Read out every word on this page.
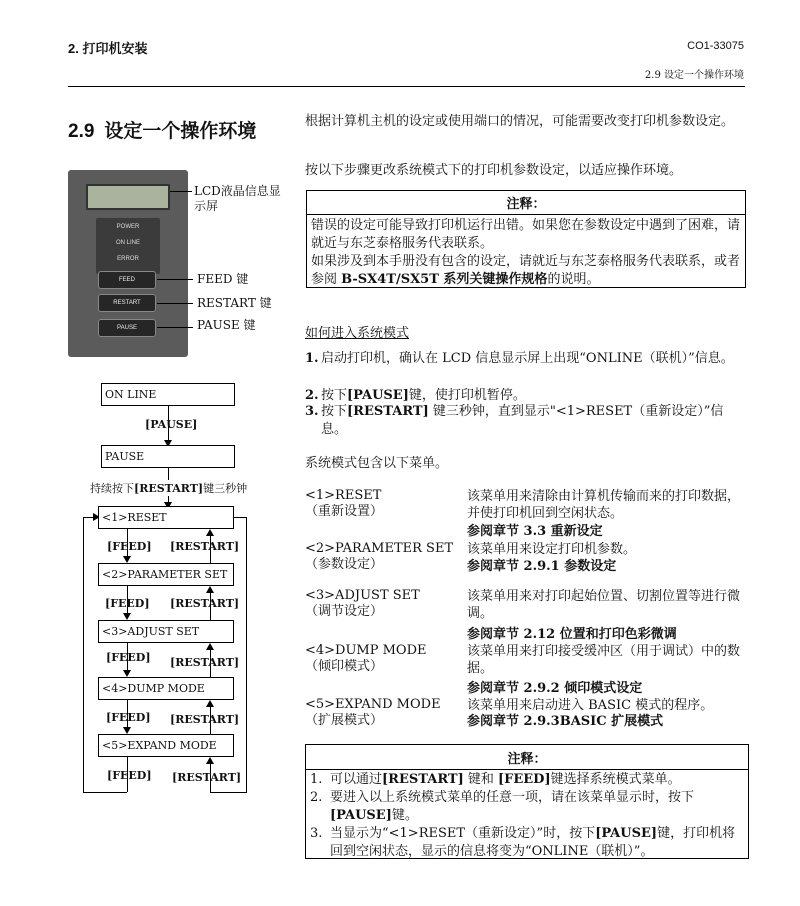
2. 打印机安装	CO1-33075
2.9 设定一个操作环境
2.9 设定一个操作环境	根据计算机主机的设定或使用端口的情况，可能需要改变打印机参数设定。
按以下步骤更改系统模式下的打印机参数设定，以适应操作环境。
注释：
错误的设定可能导致打印机运行出错。如果您在参数设定中遇到了困难，请就近与东芝泰格服务代表联系。
如果涉及到本手册没有包含的设定，请就近与东芝泰格服务代表联系，或者参阅 B-SX4T/SX5T 系列关键操作规格的说明。
POWER
ON LINE
ERROR
FEED
RESTART
PAUSE
LCD液晶信息显示屏
FEED 键
RESTART 键
PAUSE 键
ON LINE
[PAUSE]
PAUSE
持续按下[RESTART]键三秒钟
<1>RESET
<2>PARAMETER SET
<3>ADJUST SET
<4>DUMP MODE
<5>EXPAND MODE
[FEED] [RESTART]
[FEED] [RESTART]
[FEED] [RESTART]
[FEED] [RESTART]
[FEED] [RESTART]
如何进入系统模式
1. 启动打印机，确认在 LCD 信息显示屏上出现“ONLINE（联机）”信息。
2. 按下[PAUSE]键，使打印机暂停。
3. 按下[RESTART] 键三秒钟，直到显示"<1>RESET（重新设定）”信息。
系统模式包含以下菜单。
<1>RESET
（重新设置）
该菜单用来清除由计算机传输而来的打印数据，并使打印机回到空闲状态。
参阅章节 3.3 重新设定
<2>PARAMETER SET
（参数设定）
该菜单用来设定打印机参数。
参阅章节 2.9.1 参数设定
<3>ADJUST SET
（调节设定）
该菜单用来对打印起始位置、切割位置等进行微调。
参阅章节 2.12 位置和打印色彩微调
<4>DUMP MODE
（倾印模式）
该菜单用来打印接受缓冲区（用于调试）中的数据。
参阅章节 2.9.2 倾印模式设定
<5>EXPAND MODE
（扩展模式）
该菜单用来启动进入 BASIC 模式的程序。
参阅章节 2.9.3BASIC 扩展模式
注释：
1. 可以通过[RESTART] 键和 [FEED]键选择系统模式菜单。
2. 要进入以上系统模式菜单的任意一项，请在该菜单显示时，按下[PAUSE]键。
3. 当显示为“<1>RESET（重新设定）”时，按下[PAUSE]键，打印机将回到空闲状态，显示的信息将变为“ONLINE（联机）”。
